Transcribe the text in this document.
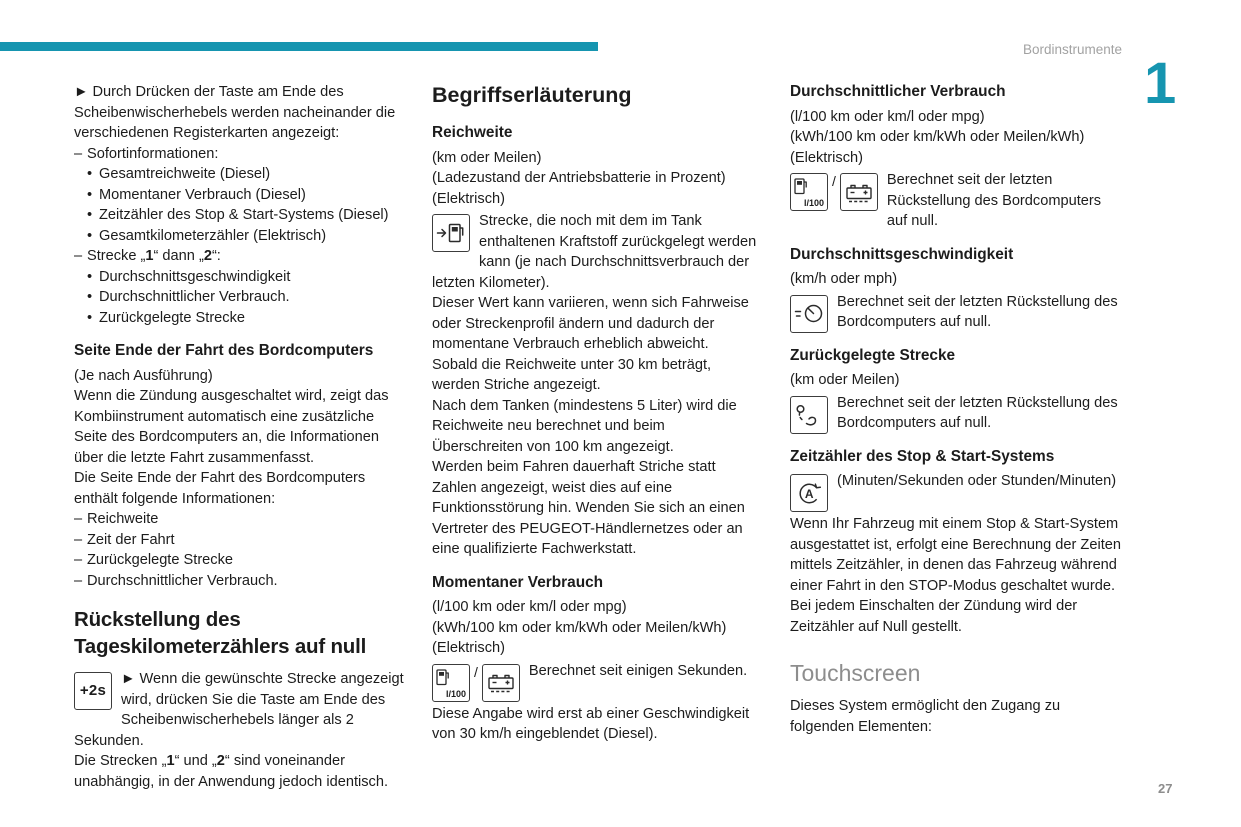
Bordinstrumente
1
27

► Durch Drücken der Taste am Ende des Scheibenwischerhebels werden nacheinander die verschiedenen Registerkarten angezeigt:

– Sofortinformationen:

• Gesamtreichweite (Diesel)
• Momentaner Verbrauch (Diesel)
• Zeitzähler des Stop & Start-Systems (Diesel)
• Gesamtkilometerzähler (Elektrisch)

– Strecke „1“ dann „2“:

• Durchschnittsgeschwindigkeit
• Durchschnittlicher Verbrauch.
• Zurückgelegte Strecke
Seite Ende der Fahrt des Bordcomputers

(Je nach Ausführung)

Wenn die Zündung ausgeschaltet wird, zeigt das Kombiinstrument automatisch eine zusätzliche Seite des Bordcomputers an, die Informationen über die letzte Fahrt zusammenfasst.

Die Seite Ende der Fahrt des Bordcomputers enthält folgende Informationen:

– Reichweite
– Zeit der Fahrt
– Zurückgelegte Strecke
– Durchschnittlicher Verbrauch.
Rückstellung des Tageskilometerzählers auf null
+2s

► Wenn die gewünschte Strecke angezeigt wird, drücken Sie die Taste am Ende des Scheibenwischerhebels länger als 2 Sekunden.

Die Strecken „1“ und „2“ sind voneinander unabhängig, in der Anwendung jedoch identisch.

Begriffserläuterung
Reichweite

(km oder Meilen)

(Ladezustand der Antriebsbatterie in Prozent)

(Elektrisch)

Strecke, die noch mit dem im Tank enthaltenen Kraftstoff zurückgelegt werden kann (je nach Durchschnittsverbrauch der letzten Kilometer).

Dieser Wert kann variieren, wenn sich Fahrweise oder Streckenprofil ändern und dadurch der momentane Verbrauch erheblich abweicht.

Sobald die Reichweite unter 30 km beträgt, werden Striche angezeigt.

Nach dem Tanken (mindestens 5 Liter) wird die Reichweite neu berechnet und beim Überschreiten von 100 km angezeigt.

Werden beim Fahren dauerhaft Striche statt Zahlen angezeigt, weist dies auf eine Funktionsstörung hin. Wenden Sie sich an einen Vertreter des PEUGEOT-Händlernetzes oder an eine qualifizierte Fachwerkstatt.

Momentaner Verbrauch

(l/100 km oder km/l oder mpg)

(kWh/100 km oder km/kWh oder Meilen/kWh)

(Elektrisch)

l/100
/	Berechnet seit einigen Sekunden.

Diese Angabe wird erst ab einer Geschwindigkeit von 30 km/h eingeblendet (Diesel).

Durchschnittlicher Verbrauch

(l/100 km oder km/l oder mpg)

(kWh/100 km oder km/kWh oder Meilen/kWh)

(Elektrisch)

l/100
/	Berechnet seit der letzten Rückstellung des Bordcomputers auf null.

Durchschnittsgeschwindigkeit

(km/h oder mph)

Berechnet seit der letzten Rückstellung des Bordcomputers auf null.

Zurückgelegte Strecke

(km oder Meilen)

Berechnet seit der letzten Rückstellung des Bordcomputers auf null.

Zeitzähler des Stop & Start-Systems
A

(Minuten/Sekunden oder Stunden/Minuten)

Wenn Ihr Fahrzeug mit einem Stop & Start-System ausgestattet ist, erfolgt eine Berechnung der Zeiten mittels Zeitzähler, in denen das Fahrzeug während einer Fahrt in den STOP-Modus geschaltet wurde. Bei jedem Einschalten der Zündung wird der Zeitzähler auf Null gestellt.

Touchscreen

Dieses System ermöglicht den Zugang zu folgenden Elementen:
